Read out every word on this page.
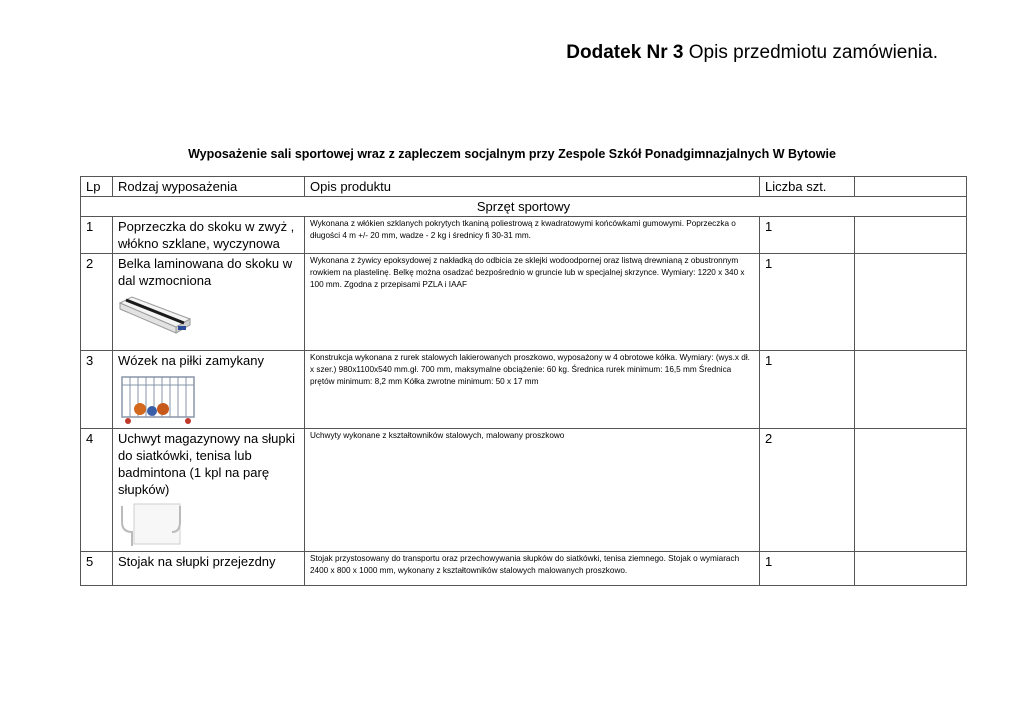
Dodatek Nr 3 Opis przedmiotu zamówienia.
Wyposażenie sali sportowej wraz z zapleczem socjalnym przy Zespole Szkół Ponadgimnazjalnych W Bytowie
Lp	Rodzaj wyposażenia	Opis produktu	Liczba szt.	
Sprzęt sportowy				
1	Poprzeczka do skoku w zwyż , włókno szklane, wyczynowa	Wykonana z włókien szklanych pokrytych tkaniną poliestrową z kwadratowymi końcówkami gumowymi. Poprzeczka o długości 4 m +/- 20 mm, wadze - 2 kg i średnicy fi 30-31 mm.	1	
2	Belka laminowana do skoku w dal wzmocniona	Wykonana z żywicy epoksydowej z nakładką do odbicia ze sklejki wodoodpornej oraz listwą drewnianą z obustronnym rowkiem na plastelinę. Belkę można osadzać bezpośrednio w gruncie lub w specjalnej skrzynce. Wymiary: 1220 x 340 x 100 mm. Zgodna z przepisami PZLA i IAAF	1	
3	Wózek na piłki zamykany	Konstrukcja wykonana z rurek stalowych lakierowanych proszkowo, wyposażony w 4 obrotowe kółka. Wymiary: (wys.x dł. x szer.) 980x1100x540 mm.gł. 700 mm, maksymalne obciążenie: 60 kg. Średnica rurek minimum: 16,5 mm Średnica prętów minimum: 8,2 mm Kółka zwrotne minimum: 50 x 17 mm	1	
4	Uchwyt magazynowy na słupki do siatkówki, tenisa lub badmintona (1 kpl na parę słupków)	Uchwyty wykonane z kształtowników stalowych, malowany proszkowo	2	
5	Stojak na słupki przejezdny	Stojak przystosowany do transportu oraz przechowywania słupków do siatkówki, tenisa ziemnego. Stojak o wymiarach 2400 x 800 x 1000 mm, wykonany z kształtowników stalowych malowanych proszkowo.	1	
